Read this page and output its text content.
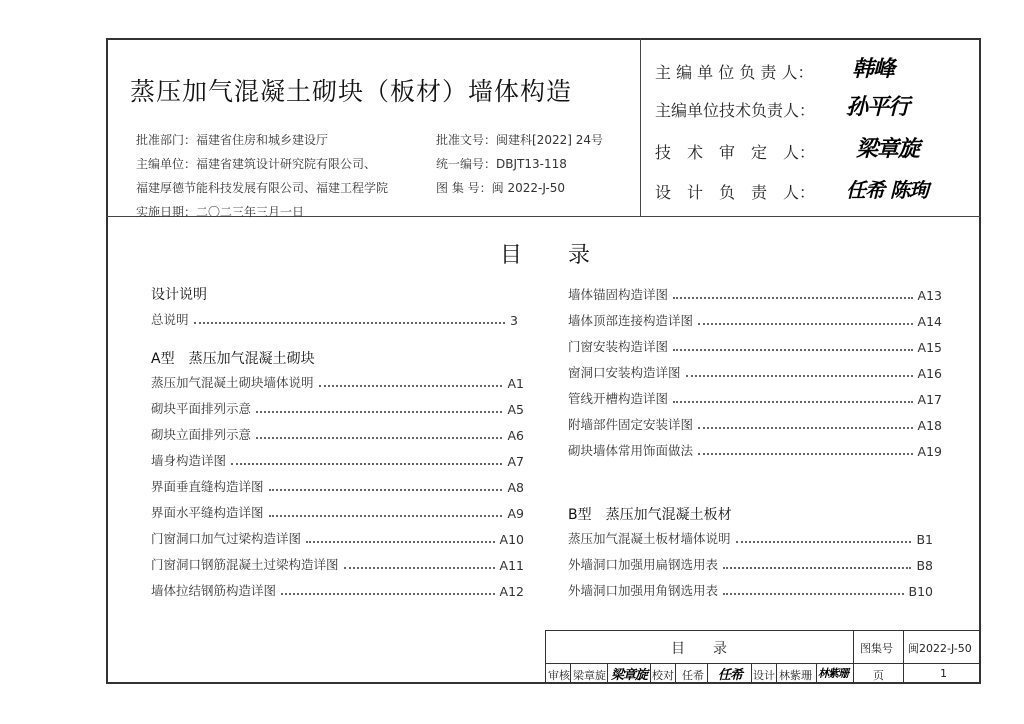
蒸压加气混凝土砌块（板材）墙体构造
批准部门：福建省住房和城乡建设厅
主编单位：福建省建筑设计研究院有限公司、
福建厚德节能科技发展有限公司、福建工程学院
实施日期：二〇二三年三月一日
批准文号：闽建科[2022] 24号
统一编号：DBJT13-118
图 集 号：闽 2022-J-50
主 编 单 位 负 责 人： 韩峰
主编单位技术负责人： 孙平行
技　术　审　定　人： 梁章旋
设　计　负　责　人： 任希 陈珣
目 录
设计说明
总说明	3
A型　蒸压加气混凝土砌块
蒸压加气混凝土砌块墙体说明	A1
砌块平面排列示意	A5
砌块立面排列示意	A6
墙身构造详图	A7
界面垂直缝构造详图	A8
界面水平缝构造详图	A9
门窗洞口加气过梁构造详图	A10
门窗洞口钢筋混凝土过梁构造详图	A11
墙体拉结钢筋构造详图	A12
墙体锚固构造详图	A13
墙体顶部连接构造详图	A14
门窗安装构造详图	A15
窗洞口安装构造详图	A16
管线开槽构造详图	A17
附墙部件固定安装详图	A18
砌块墙体常用饰面做法	A19
B型　蒸压加气混凝土板材
蒸压加气混凝土板材墙体说明	B1
外墙洞口加强用扁钢选用表	B8
外墙洞口加强用角钢选用表	B10
目　　录	图集号 闽2022-J-50
审核 梁章旋 梁章旋 校对 任希 任希 设计 林紫珊 林紫珊 页	1
